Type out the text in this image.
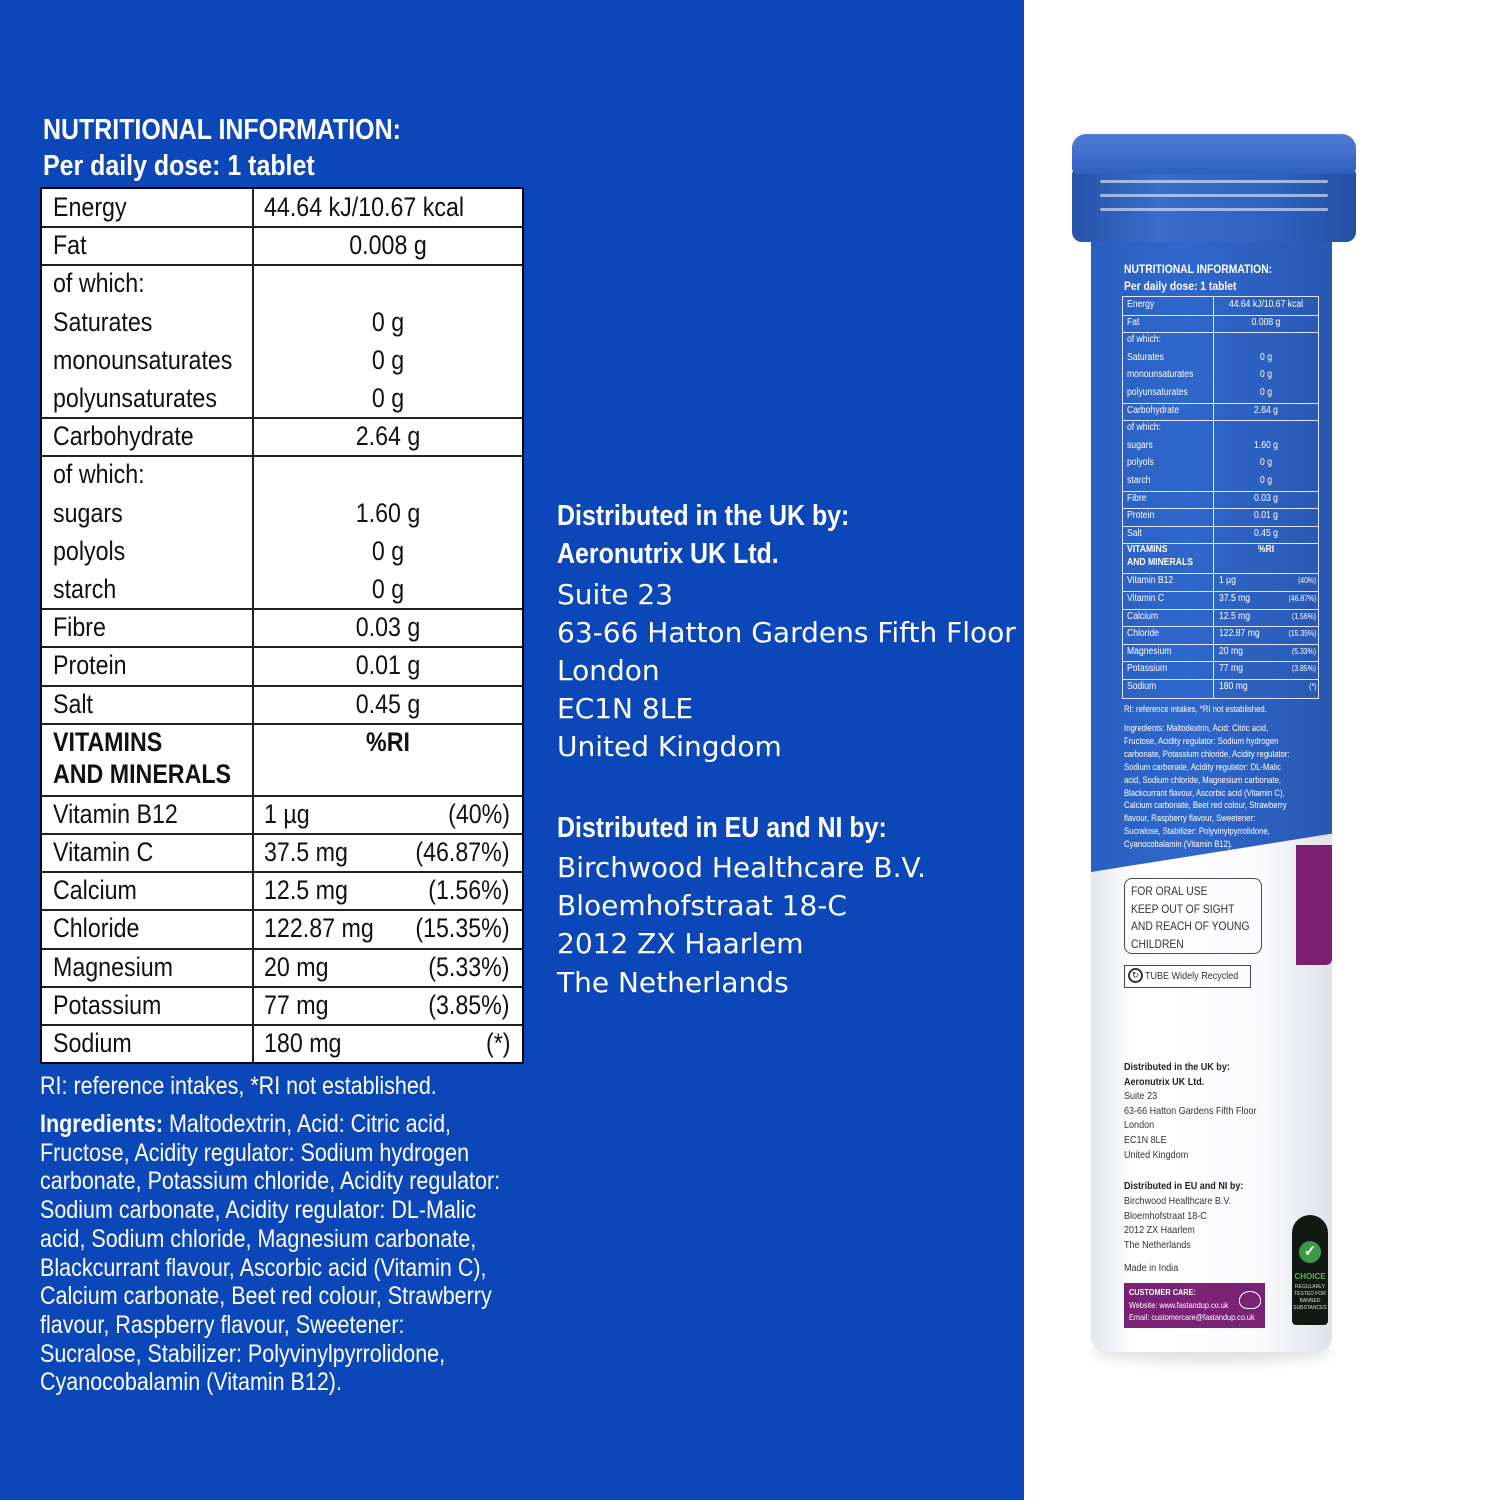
NUTRITIONAL INFORMATION:
Per daily dose: 1 tablet
Energy	44.64 kJ/10.67 kcal
Fat	0.008 g
of which:
Saturates	0 g
monounsaturates	0 g
polyunsaturates	0 g
Carbohydrate	2.64 g
of which:
sugars	1.60 g
polyols	0 g
starch	0 g
Fibre	0.03 g
Protein	0.01 g
Salt	0.45 g
VITAMINS
AND MINERALS
%RI
Vitamin B12	1 µg	(40%)
Vitamin C	37.5 mg	(46.87%)
Calcium	12.5 mg	(1.56%)
Chloride	122.87 mg (15.35%)
Magnesium	20 mg	(5.33%)
Potassium	77 mg	(3.85%)
Sodium	180 mg	(*)
RI: reference intakes, *RI not established.
Ingredients: Maltodextrin, Acid: Citric acid,
Fructose, Acidity regulator: Sodium hydrogen
carbonate, Potassium chloride, Acidity regulator:
Sodium carbonate, Acidity regulator: DL-Malic
acid, Sodium chloride, Magnesium carbonate,
Blackcurrant flavour, Ascorbic acid (Vitamin C),
Calcium carbonate, Beet red colour, Strawberry
flavour, Raspberry flavour, Sweetener:
Sucralose, Stabilizer: Polyvinylpyrrolidone,
Cyanocobalamin (Vitamin B12).
Distributed in the UK by:
Aeronutrix UK Ltd.
Suite 23
63-66 Hatton Gardens Fifth Floor
London
EC1N 8LE
United Kingdom
Distributed in EU and NI by:
Birchwood Healthcare B.V.
Bloemhofstraat 18-C
2012 ZX Haarlem
The Netherlands
NUTRITIONAL INFORMATION:
Per daily dose: 1 tablet
Energy	44.64 kJ/10.67 kcal
Fat	0.008 g
of which:
Saturates	0 g
monounsaturates	0 g
polyunsaturates	0 g
Carbohydrate	2.64 g
of which:
sugars	1.60 g
polyols	0 g
starch	0 g
Fibre	0.03 g
Protein	0.01 g
Salt	0.45 g
VITAMINS
AND MINERALS
%RI
Vitamin B12	1 µg	(40%)
Vitamin C	37.5 mg	(46.87%)
Calcium	12.5 mg	(1.56%)
Chloride	122.87 mg	(15.35%)
Magnesium	20 mg	(5.33%)
Potassium	77 mg	(3.85%)
Sodium	180 mg	(*)
RI: reference intakes, *RI not established.
Ingredients: Maltodextrin, Acid: Citric acid,
Fructose, Acidity regulator: Sodium hydrogen
carbonate, Potassium chloride, Acidity regulator:
Sodium carbonate, Acidity regulator: DL-Malic
acid, Sodium chloride, Magnesium carbonate,
Blackcurrant flavour, Ascorbic acid (Vitamin C),
Calcium carbonate, Beet red colour, Strawberry
flavour, Raspberry flavour, Sweetener:
Sucralose, Stabilizer: Polyvinylpyrrolidone,
Cyanocobalamin (Vitamin B12).
FOR ORAL USE
KEEP OUT OF SIGHT
AND REACH OF YOUNG
CHILDREN
↻ TUBE Widely Recycled
Distributed in the UK by:
Aeronutrix UK Ltd.
Suite 23
63-66 Hatton Gardens Fifth Floor
London
EC1N 8LE
United Kingdom
Distributed in EU and NI by:
Birchwood Healthcare B.V.
Bloemhofstraat 18-C
2012 ZX Haarlem
The Netherlands
Made in India
CUSTOMER CARE:
Website: www.fastandup.co.uk
Email: customercare@fastandup.co.uk
✓
CHOICE
REGULARLY
TESTED FOR
BANNED
SUBSTANCES
